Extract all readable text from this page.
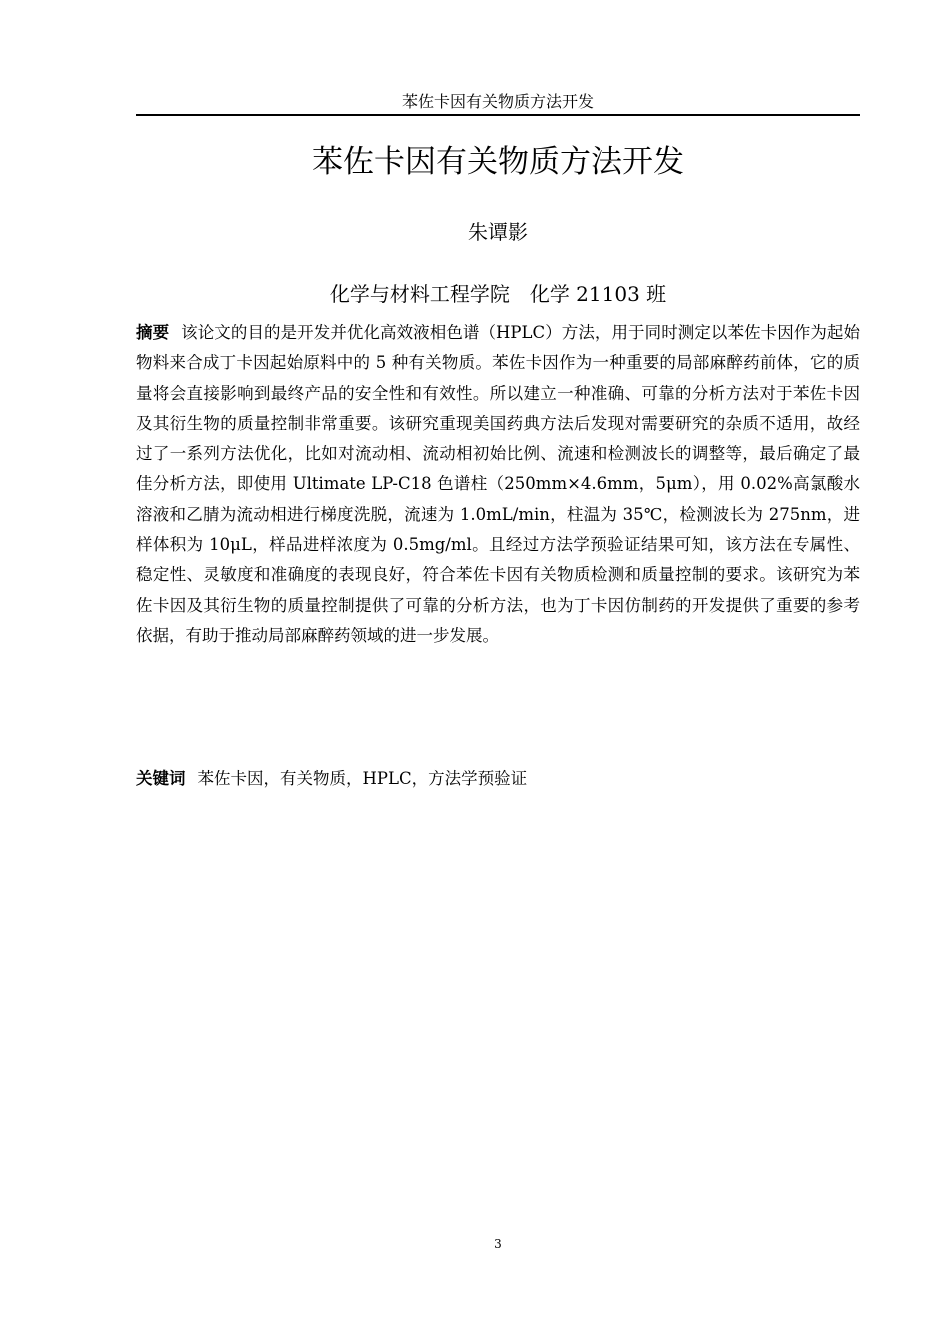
苯佐卡因有关物质方法开发
苯佐卡因有关物质方法开发
朱谭影
化学与材料工程学院　化学 21103 班
摘要 该论文的目的是开发并优化高效液相色谱（HPLC）方法，用于同时测定以苯佐卡因作为起始物料来合成丁卡因起始原料中的 5 种有关物质。苯佐卡因作为一种重要的局部麻醉药前体，它的质量将会直接影响到最终产品的安全性和有效性。所以建立一种准确、可靠的分析方法对于苯佐卡因及其衍生物的质量控制非常重要。该研究重现美国药典方法后发现对需要研究的杂质不适用，故经过了一系列方法优化，比如对流动相、流动相初始比例、流速和检测波长的调整等，最后确定了最佳分析方法，即使用 Ultimate LP-C18 色谱柱（250mm×4.6mm，5μm），用 0.02%高氯酸水溶液和乙腈为流动相进行梯度洗脱，流速为 1.0mL/min，柱温为 35℃，检测波长为 275nm，进样体积为 10μL，样品进样浓度为 0.5mg/ml。且经过方法学预验证结果可知，该方法在专属性、稳定性、灵敏度和准确度的表现良好，符合苯佐卡因有关物质检测和质量控制的要求。该研究为苯佐卡因及其衍生物的质量控制提供了可靠的分析方法，也为丁卡因仿制药的开发提供了重要的参考依据，有助于推动局部麻醉药领域的进一步发展。
关键词 苯佐卡因，有关物质，HPLC，方法学预验证
3
